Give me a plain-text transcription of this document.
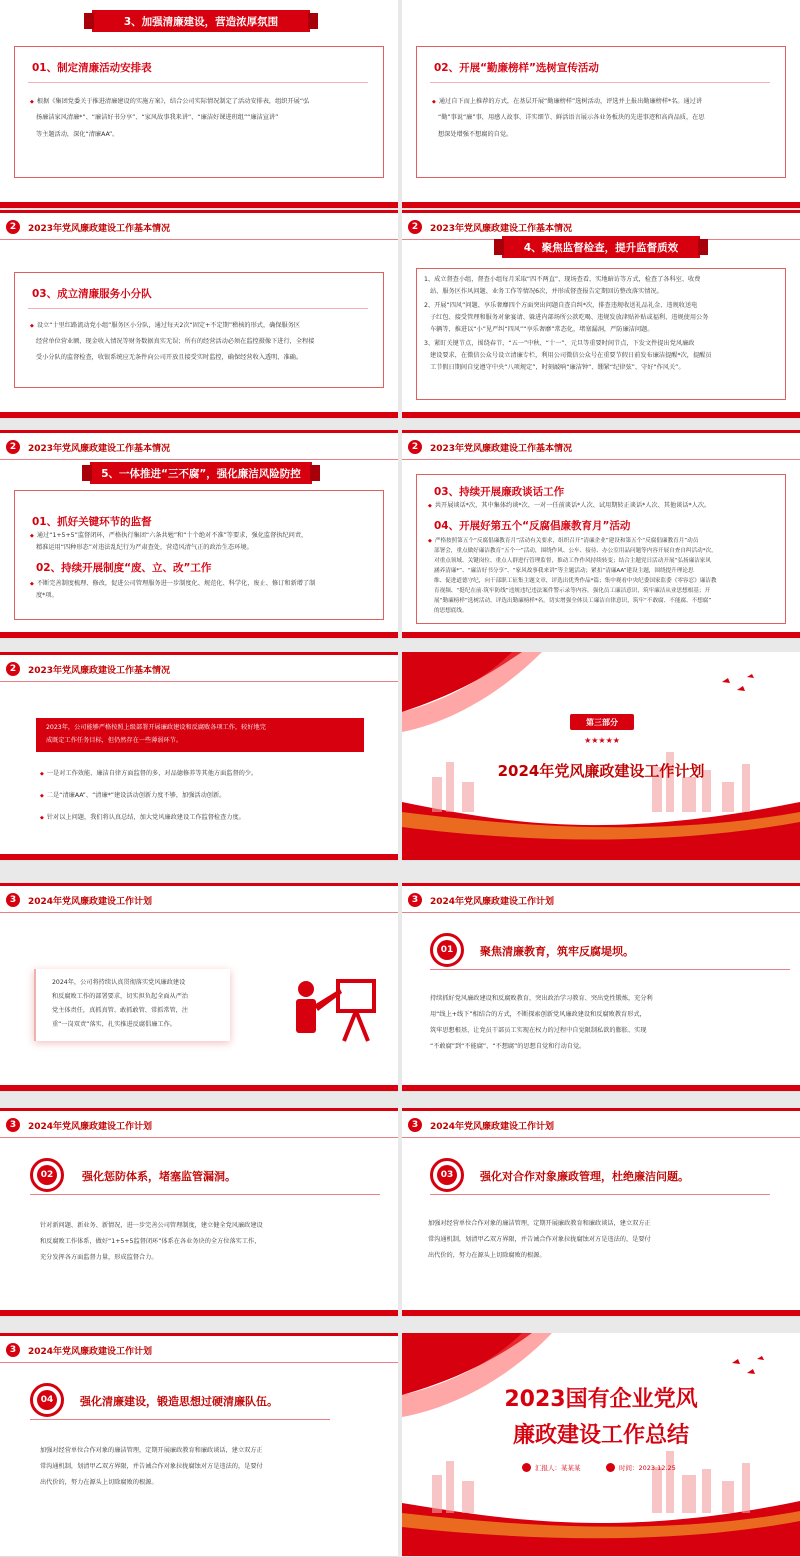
3、加强清廉建设，营造浓厚氛围
01、制定清廉活动安排表
◆ 根据《集团党委关于推进清廉建设的实施方案》，结合公司实际情况制定了活动安排表，组织开展“弘
扬廉洁家风清廉*”、“廉洁好书分享”、“家风故事我来讲”、“廉洁好课进班组”“廉洁宣讲”
等主题活动，深化“清廉AA”。
02、开展“勤廉榜样”选树宣传活动
◆ 通过自下而上推荐的方式，在基层开展“勤廉榜样”选树活动，评选并上报出勤廉榜样*名。通过讲
“勤”事说“廉”事，用感人故事、详实细节、鲜活语言展示各业务板块的先进事迹和高尚品质，在思
想深处增强不想腐的自觉。
2	2023年党风廉政建设工作基本情况
03、成立清廉服务小分队
◆ 设立“十里红路流动党小组”服务区小分队，通过每天2次“固定+不定期”稽核的形式，确保服务区
经营单位营业额、现金收入情况等财务数据真实无误；所有的经营活动必须在监控摄像下进行，全程接
受小分队的监督检查，收银系统应无条件向公司开放且接受实时监控，确保经营收入透明、准确。
2	2023年党风廉政建设工作基本情况
4、聚焦监督检查，提升监督质效
1、成立督查小组，督查小组每月采取“四不两直”、现场查看、实地暗访等方式，检查了各科室、收费
站、服务区作风问题、业务工作等情况6次，并形成督查报告定期回访整改落实情况。
2、开展“四风”问题、享乐奢靡四个方面突出问题自查自纠*次，排查违规收送礼品礼金、违规收送电
子红包、接受管理和服务对象宴请、躲进内部场所公款吃喝、违规发放津贴补贴或福利、违规使用公务
车辆等，推进以“小”见严纠“四风”“享乐奢靡”常态化，堵塞漏洞，严防廉洁问题。
3、紧盯关键节点，围绕春节、“五一”中秋、“十一”、元旦等重要时间节点，下发文件提出党风廉政
建设要求，在微信公众号设立清廉专栏，利用公司微信公众号在重要节假日前发布廉洁提醒*次，提醒员
工节假日期间自觉遵守中央“八项规定”，时刻敲响“廉洁钟”、绷紧“纪律弦”、守好“作风关”。
2	2023年党风廉政建设工作基本情况
5、一体推进“三不腐”，强化廉洁风险防控
01、抓好关键环节的监督
◆ 通过“1+5+5”监督闭环，严格执行集团“六条共勉”和“十个绝对不准”等要求，强化监督执纪问责，
精准运用“四种形态”对违法乱纪行为严肃查处，营造风清气正的政治生态环境。
02、持续开展制度“废、立、改”工作
◆ 不断完善制度梳理、修改，促进公司管理服务进一步制度化、规范化、科学化，废止、修订和新增了制
度*项。
2	2023年党风廉政建设工作基本情况
03、持续开展廉政谈话工作
◆ 共开展谈话*次，其中集体约谈*次、一对一任前谈话*人次、试用期转正谈话*人次、其他谈话*人次。
04、开展好第五个“反腐倡廉教育月”活动
◆ 严格按照第五个“反腐倡廉教育月”活动有关要求，组织召开“清廉企业”建设和第五个“反腐倡廉教育月”动员
部署会，重点做好廉洁教育“五个一”活动，围绕作风、公车、接待、办公室用品问题等内容开展自查自纠活动*次，
对重点领域、关键岗位、重点人群进行管理监督，推动工作作风持续转变；结合主题党日活动开展“弘扬廉洁家风
涵养清廉*”、“廉洁好书分享”、“家风故事我来讲”等主题活动；紧扣“清廉AA”建设主题，围绕提升理论思
维、促进道德守纪，向干部职工征集主题文章，评选出优秀作品*篇；集中观看中央纪委国家监委《零容忍》廉洁教
育视频、“挺纪在前·筑牢防线”违规违纪违法案件警示录等内容，强化员工廉洁意识，筑牢廉洁从业思想根基；开
展“勤廉榜样”选树活动，评选出勤廉榜样*名。切实增强全体员工廉洁自律意识，筑牢“不敢腐、不能腐、不想腐”
的思想底线。
2	2023年党风廉政建设工作基本情况
2023年，公司能够严格按照上级部署开展廉政建设和反腐败各项工作，较好地完
成既定工作任务目标，但仍然存在一些薄弱环节。
◆ 一是对工作效能、廉洁自律方面监督的多，对品德修养等其他方面监督的少。
◆ 二是“清廉AA”、“清廉*”建设活动创新力度不够，加强活动创新。
◆ 针对以上问题，我们将认真总结，加大党风廉政建设工作监督检查力度。
第三部分
★★★★★
2024年党风廉政建设工作计划
3	2024年党风廉政建设工作计划
2024年，公司将持续认真贯彻落实党风廉政建设
和反腐败工作的部署要求，切实担负起全面从严治
党主体责任，真抓真管、敢抓敢管、常抓常管，注
重“一岗双责”落实，扎实推进反腐倡廉工作。
3	2024年党风廉政建设工作计划
01	聚焦清廉教育，筑牢反腐堤坝。
持续抓好党风廉政建设和反腐败教育，突出政治学习教育、突出党性锻炼，充分利
用“线上+线下”相结合的方式，不断探索创新党风廉政建设和反腐败教育形式，
筑牢思想根基，让党员干部员工实现在权力的过程中自觉限制私欲的膨胀、实现
“不敢腐”到“不能腐”、“不想腐”的思想自觉和行动自觉。
3	2024年党风廉政建设工作计划
02	强化惩防体系，堵塞监管漏洞。
针对新问题、新业务、新情况，进一步完善公司管理制度，建立健全党风廉政建设
和反腐败工作体系，做好“1+5+5监督闭环”体系在各业务块的全方位落实工作，
充分发挥各方面监督力量，形成监督合力。
3	2024年党风廉政建设工作计划
03	强化对合作对象廉政管理，杜绝廉洁问题。
加强对经营单位合作对象的廉洁管理，定期开展廉政教育和廉政谈话，建立双方正
常沟通机制，划清甲乙双方界限，并告诫合作对象拉拢腐蚀对方是违法的，是要付
出代价的，努力在源头上切除腐败的根源。
3	2024年党风廉政建设工作计划
04	强化清廉建设，锻造思想过硬清廉队伍。
加强对经营单位合作对象的廉洁管理，定期开展廉政教育和廉政谈话，建立双方正
常沟通机制，划清甲乙双方界限，并告诫合作对象拉拢腐蚀对方是违法的，是要付
出代价的，努力在源头上切除腐败的根源。
2023国有企业党风
廉政建设工作总结
汇报人：某某某	时间：2023.12.25
